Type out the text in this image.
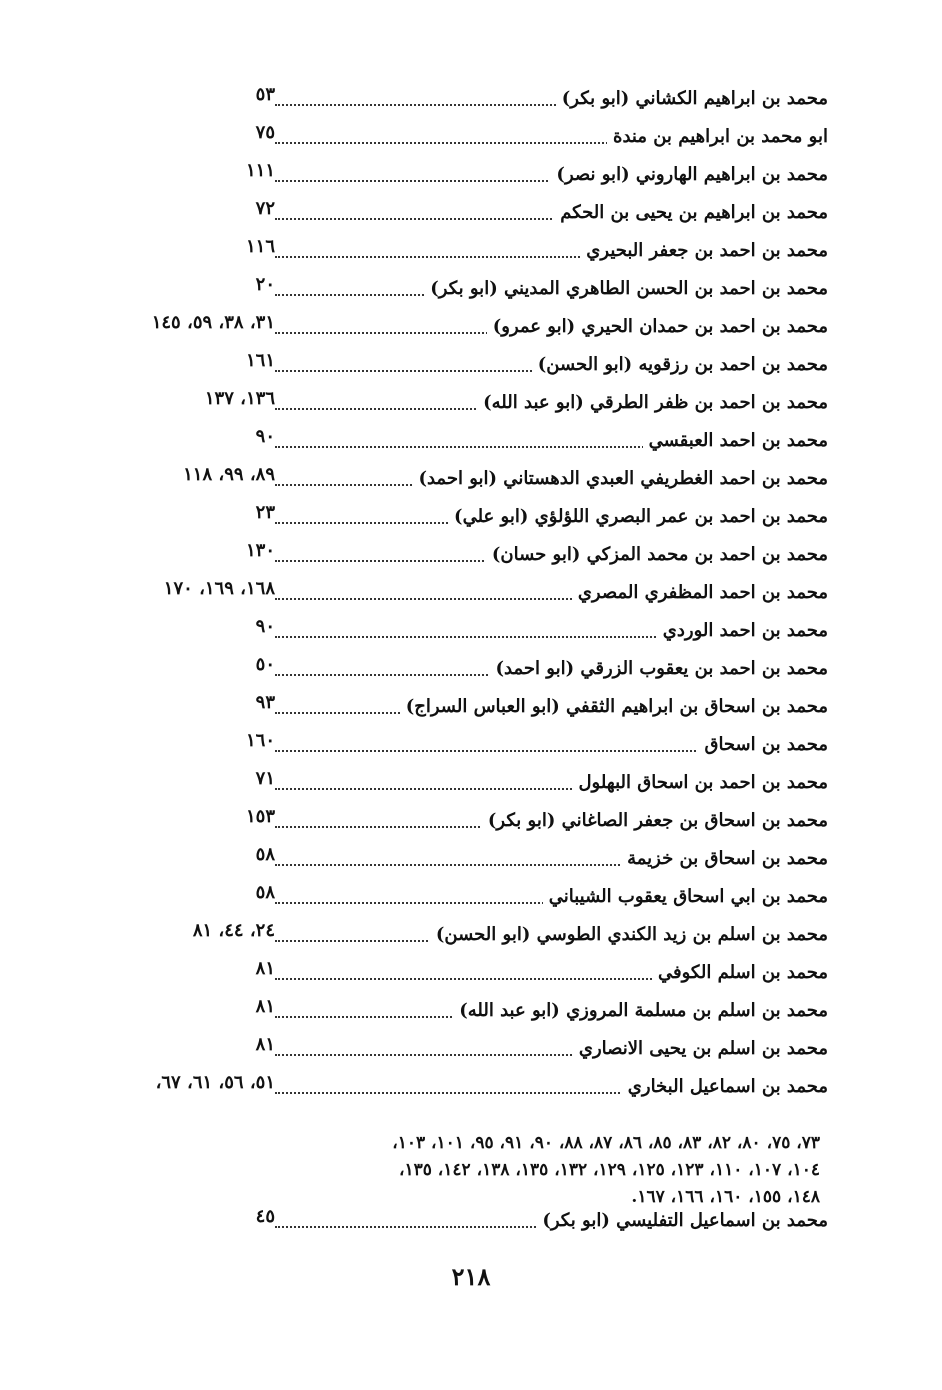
محمد بن ابراهيم الكشاني (ابو بكر)
٥٣
ابو محمد بن ابراهيم بن مندة
٧٥
محمد بن ابراهيم الهاروني (ابو نصر)
١١١
محمد بن ابراهيم بن يحيى بن الحكم
٧٢
محمد بن احمد بن جعفر البحيري
١١٦
محمد بن احمد بن الحسن الطاهري المديني (ابو بكر)
٢٠
محمد بن احمد بن حمدان الحيري (ابو عمرو)
٣١، ٣٨، ٥٩، ١٤٥
محمد بن احمد بن رزقويه (ابو الحسن)
١٦١
محمد بن احمد بن ظفر الطرقي (ابو عبد الله)
١٣٦، ١٣٧
محمد بن احمد العبقسي
٩٠
محمد بن احمد الغطريفي العبدي الدهستاني (ابو احمد)
٨٩، ٩٩، ١١٨
محمد بن احمد بن عمر البصري اللؤلؤي (ابو علي)
٢٣
محمد بن احمد بن محمد المزكي (ابو حسان)
١٣٠
محمد بن احمد المظفري المصري
١٦٨، ١٦٩، ١٧٠
محمد بن احمد الوردي
٩٠
محمد بن احمد بن يعقوب الزرقي (ابو احمد)
٥٠
محمد بن اسحاق بن ابراهيم الثقفي (ابو العباس السراج)
٩٣
محمد بن اسحاق
١٦٠
محمد بن احمد بن اسحاق البهلول
٧١
محمد بن اسحاق بن جعفر الصاغاني (ابو بكر)
١٥٣
محمد بن اسحاق بن خزيمة
٥٨
محمد بن ابي اسحاق يعقوب الشيباني
٥٨
محمد بن اسلم بن زيد الكندي الطوسي (ابو الحسن)
٢٤، ٤٤، ٨١
محمد بن اسلم الكوفي
٨١
محمد بن اسلم بن مسلمة المروزي (ابو عبد الله)
٨١
محمد بن اسلم بن يحيى الانصاري
٨١
محمد بن اسماعيل البخاري
٥١، ٥٦، ٦١، ٦٧،
٧٣، ٧٥، ٨٠، ٨٢، ٨٣، ٨٥، ٨٦، ٨٧، ٨٨، ٩٠، ٩١، ٩٥، ١٠١، ١٠٣،
١٠٤، ١٠٧، ١١٠، ١٢٣، ١٢٥، ١٢٩، ١٣٢، ١٣٥، ١٣٨، ١٤٢، ١٣٥،
١٤٨، ١٥٥، ١٦٠، ١٦٦، ١٦٧.
محمد بن اسماعيل التفليسي (ابو بكر)
٤٥
٢١٨
